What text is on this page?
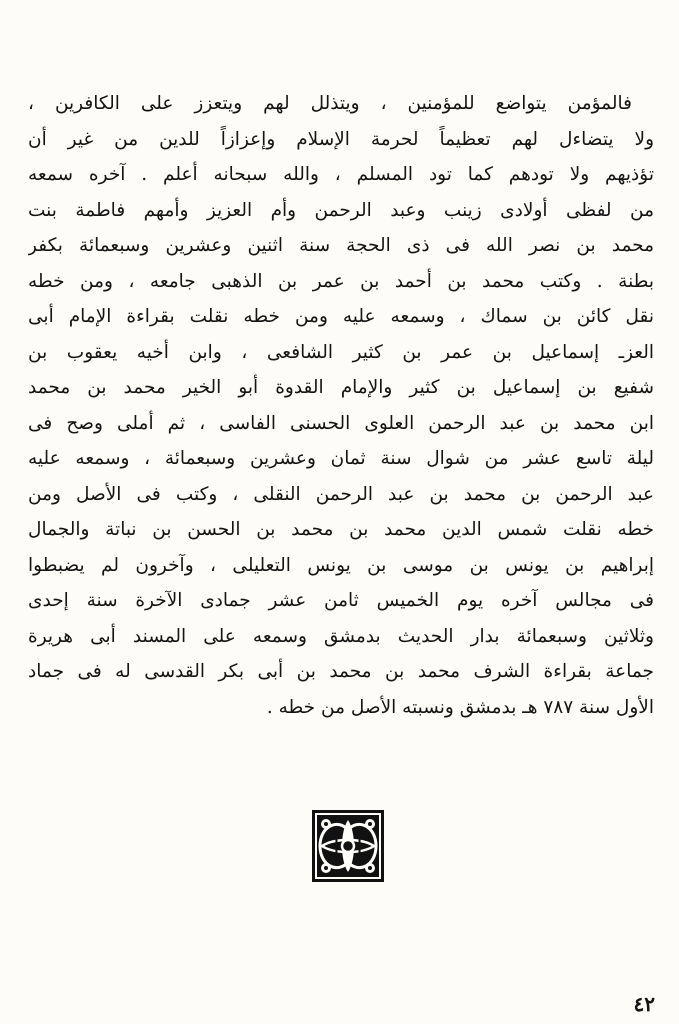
فالمؤمن يتواضع للمؤمنين ، ويتذلل لهم ويتعزز على الكافرين ،
ولا يتضاءل لهم تعظيماً لحرمة الإسلام وإعزازاً للدين من غير أن
تؤذيهم ولا تودهم كما تود المسلم ، والله سبحانه أعلم . آخره سمعه
من لفظى أولادى زينب وعبد الرحمن وأم العزيز وأمهم فاطمة بنت
محمد بن نصر الله فى ذى الحجة سنة اثنين وعشرين وسبعمائة بكفر
بطنة . وكتب محمد بن أحمد بن عمر بن الذهبى جامعه ، ومن خطه
نقل كائن بن سماك ، وسمعه عليه ومن خطه نقلت بقراءة الإمام أبى
العزـ إسماعيل بن عمر بن كثير الشافعى ، وابن أخيه يعقوب بن
شفيع بن إسماعيل بن كثير والإمام القدوة أبو الخير محمد بن محمد
ابن محمد بن عبد الرحمن العلوى الحسنى الفاسى ، ثم أملى وصح فى
ليلة تاسع عشر من شوال سنة ثمان وعشرين وسبعمائة ، وسمعه عليه
عبد الرحمن بن محمد بن عبد الرحمن النقلى ، وكتب فى الأصل ومن
خطه نقلت شمس الدين محمد بن محمد بن الحسن بن نباتة والجمال
إبراهيم بن يونس بن موسى بن يونس التعليلى ، وآخرون لم يضبطوا
فى مجالس آخره يوم الخميس ثامن عشر جمادى الآخرة سنة إحدى
وثلاثين وسبعمائة بدار الحديث بدمشق وسمعه على المسند أبى هريرة
جماعة بقراءة الشرف محمد بن محمد بن أبى بكر القدسى له فى جماد
الأول سنة ٧٨٧ هـ بدمشق ونسبته الأصل من خطه .
٤٢
